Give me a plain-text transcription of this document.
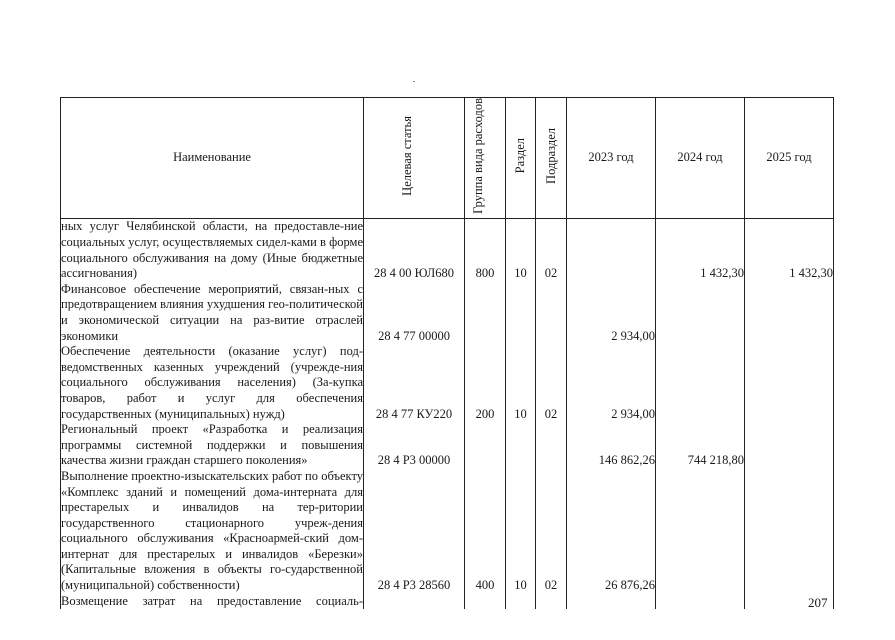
Наименование	Целевая статья	Группа вида расходов	Раздел	Подраздел	2023 год	2024 год	2025 год
ных услуг Челябинской области, на предоставле-ние социальных услуг, осуществляемых сидел-ками в форме социального обслуживания на дому (Иные бюджетные ассигнования)	28 4 00 ЮЛ680	800	10	02		1 432,30	1 432,30
Финансовое обеспечение мероприятий, связан-ных с предотвращением влияния ухудшения гео-политической и экономической ситуации на раз-витие отраслей экономики	28 4 77 00000				2 934,00		
Обеспечение деятельности (оказание услуг) под-ведомственных казенных учреждений (учрежде-ния социального обслуживания населения) (За-купка товаров, работ и услуг для обеспечения государственных (муниципальных) нужд)	28 4 77 КУ220	200	10	02	2 934,00		
Региональный проект «Разработка и реализация программы системной поддержки и повышения качества жизни граждан старшего поколения»	28 4 Р3 00000				146 862,26	744 218,80	
Выполнение проектно-изыскательских работ по объекту «Комплекс зданий и помещений дома-интерната для престарелых и инвалидов на тер-ритории государственного стационарного учреж-дения социального обслуживания «Красноармей-ский дом-интернат для престарелых и инвалидов «Березки» (Капитальные вложения в объекты го-сударственной (муниципальной) собственности)	28 4 Р3 28560	400	10	02	26 876,26		
Возмещение затрат на предоставление социаль-								207
